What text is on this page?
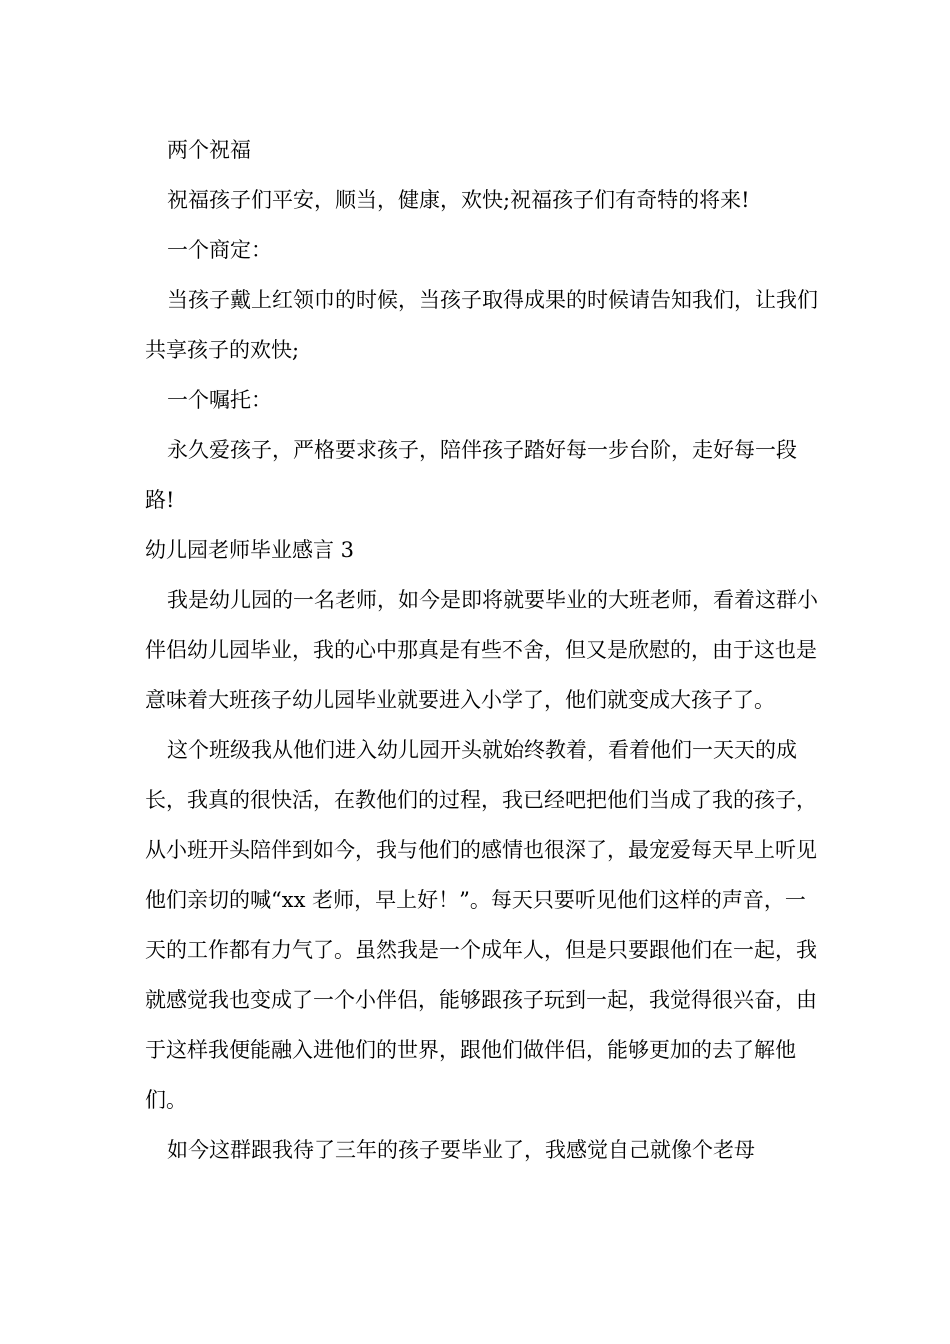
两个祝福

祝福孩子们平安，顺当，健康，欢快;祝福孩子们有奇特的将来!

一个商定：

当孩子戴上红领巾的时候，当孩子取得成果的时候请告知我们，让我们共享孩子的欢快;

一个嘱托：

永久爱孩子，严格要求孩子，陪伴孩子踏好每一步台阶，走好每一段路!

幼儿园老师毕业感言 3

我是幼儿园的一名老师，如今是即将就要毕业的大班老师，看着这群小伴侣幼儿园毕业，我的心中那真是有些不舍，但又是欣慰的，由于这也是意味着大班孩子幼儿园毕业就要进入小学了，他们就变成大孩子了。

这个班级我从他们进入幼儿园开头就始终教着，看着他们一天天的成长，我真的很快活，在教他们的过程，我已经吧把他们当成了我的孩子，从小班开头陪伴到如今，我与他们的感情也很深了，最宠爱每天早上听见他们亲切的喊“xx 老师，早上好！”。每天只要听见他们这样的声音，一天的工作都有力气了。虽然我是一个成年人，但是只要跟他们在一起，我就感觉我也变成了一个小伴侣，能够跟孩子玩到一起，我觉得很兴奋，由于这样我便能融入进他们的世界，跟他们做伴侣，能够更加的去了解他们。

如今这群跟我待了三年的孩子要毕业了，我感觉自己就像个老母
